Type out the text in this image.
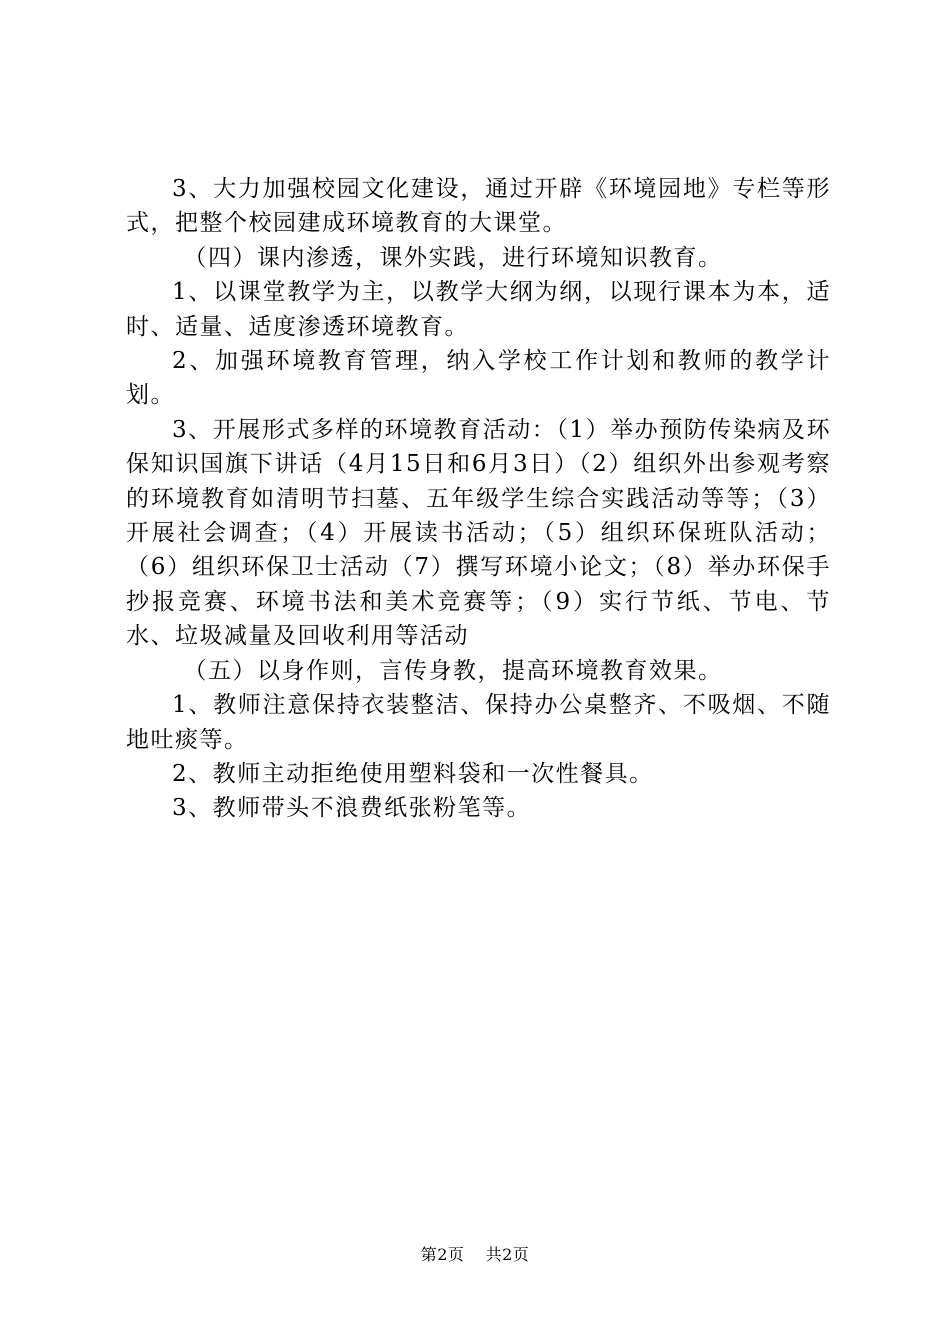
3、大力加强校园文化建设，通过开辟《环境园地》专栏等形式，把整个校园建成环境教育的大课堂。

（四）课内渗透，课外实践，进行环境知识教育。

1、以课堂教学为主，以教学大纲为纲，以现行课本为本，适时、适量、适度渗透环境教育。

2、加强环境教育管理，纳入学校工作计划和教师的教学计划。

3、开展形式多样的环境教育活动：（1）举办预防传染病及环保知识国旗下讲话（4月15日和6月3日）（2）组织外出参观考察的环境教育如清明节扫墓、五年级学生综合实践活动等等；（3）开展社会调查；（4）开展读书活动；（5）组织环保班队活动；（6）组织环保卫士活动（7）撰写环境小论文；（8）举办环保手抄报竞赛、环境书法和美术竞赛等；（9）实行节纸、节电、节水、垃圾减量及回收利用等活动

（五）以身作则，言传身教，提高环境教育效果。

1、教师注意保持衣装整洁、保持办公桌整齐、不吸烟、不随地吐痰等。

2、教师主动拒绝使用塑料袋和一次性餐具。

3、教师带头不浪费纸张粉笔等。

第2页 共2页
